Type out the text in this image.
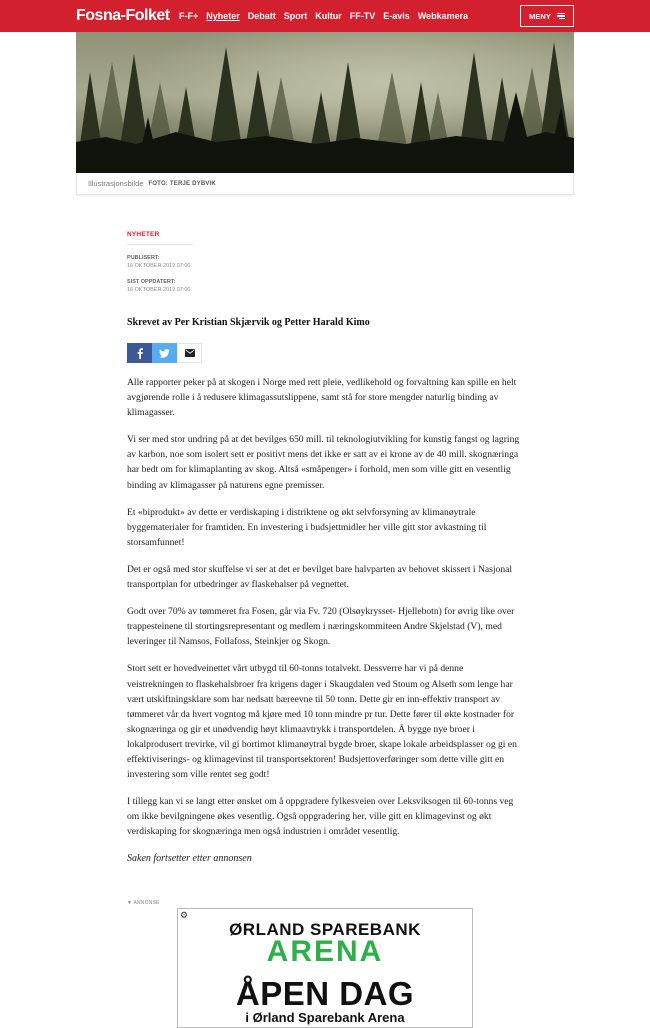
Fosna-Folket F-F+ Nyheter Debatt Sport Kultur FF-TV E-avis Webkamera	MENY
Illustrasjonsbilde FOTO: TERJE DYBVIK
NYHETER
PUBLISERT:
16 OKTOBER 2019 07:00
SIST OPPDATERT:
16 OKTOBER 2019 07:00
Skrevet av Per Kristian Skjærvik og Petter Harald Kimo

Alle rapporter peker på at skogen i Norge med rett pleie, vedlikehold og forvaltning kan spille en helt avgjørende rolle i å redusere klimagassutslippene, samt stå for store mengder naturlig binding av klimagasser.

Vi ser med stor undring på at det bevilges 650 mill. til teknologiutvikling for kunstig fangst og lagring av karbon, noe som isolert sett er positivt mens det ikke er satt av ei krone av de 40 mill. skognæringa har bedt om for klimaplanting av skog. Altså «småpenger» i forhold, men som ville gitt en vesentlig binding av klimagasser på naturens egne premisser.

Et «biprodukt» av dette er verdiskaping i distriktene og økt selvforsyning av klimanøytrale byggematerialer for framtiden. En investering i budsjettmidler her ville gitt stor avkastning til storsamfunnet!

Det er også med stor skuffelse vi ser at det er bevilget bare halvparten av behovet skissert i Nasjonal transportplan for utbedringer av flaskehalser på vegnettet.

Godt over 70% av tømmeret fra Fosen, går via Fv. 720 (Olsøykrysset- Hjellebotn) for øvrig like over trappesteinene til stortingsrepresentant og medlem i næringskommiteen Andre Skjelstad (V), med leveringer til Namsos, Follafoss, Steinkjer og Skogn.

Stort sett er hovedveinettet vårt utbygd til 60-tonns totalvekt. Dessverre har vi på denne veistrekningen to flaskehalsbroer fra krigens dager i Skaugdalen ved Stoum og Alseth som lenge har vært utskiftningsklare som har nedsatt bæreevne til 50 tonn. Dette gir en inn-effektiv transport av tømmeret vår da hvert vogntog må kjøre med 10 tonn mindre pr tur. Dette fører til økte kostnader for skognæringa og gir et unødvendig høyt klimaavtrykk i transportdelen. Å bygge nye broer i lokalprodusert trevirke, vil gi bortimot klimanøytral bygde broer, skape lokale arbeidsplasser og gi en effektiviserings- og klimagevinst til transportsektoren! Budsjettoverføringer som dette ville gitt en investering som ville rentet seg godt!

I tillegg kan vi se langt etter ønsket om å oppgradere fylkesveien over Leksviksogen til 60-tonns veg om ikke bevilgningene økes vesentlig. Også oppgradering her, ville gitt en klimagevinst og økt verdiskaping for skognæringa men også industrien i området vesentlig.

Saken fortsetter etter annonsen

▼ ANNONSE
⚙
ØRLAND SPAREBANK
ARENA
ÅPEN DAG
i Ørland Sparebank Arena
